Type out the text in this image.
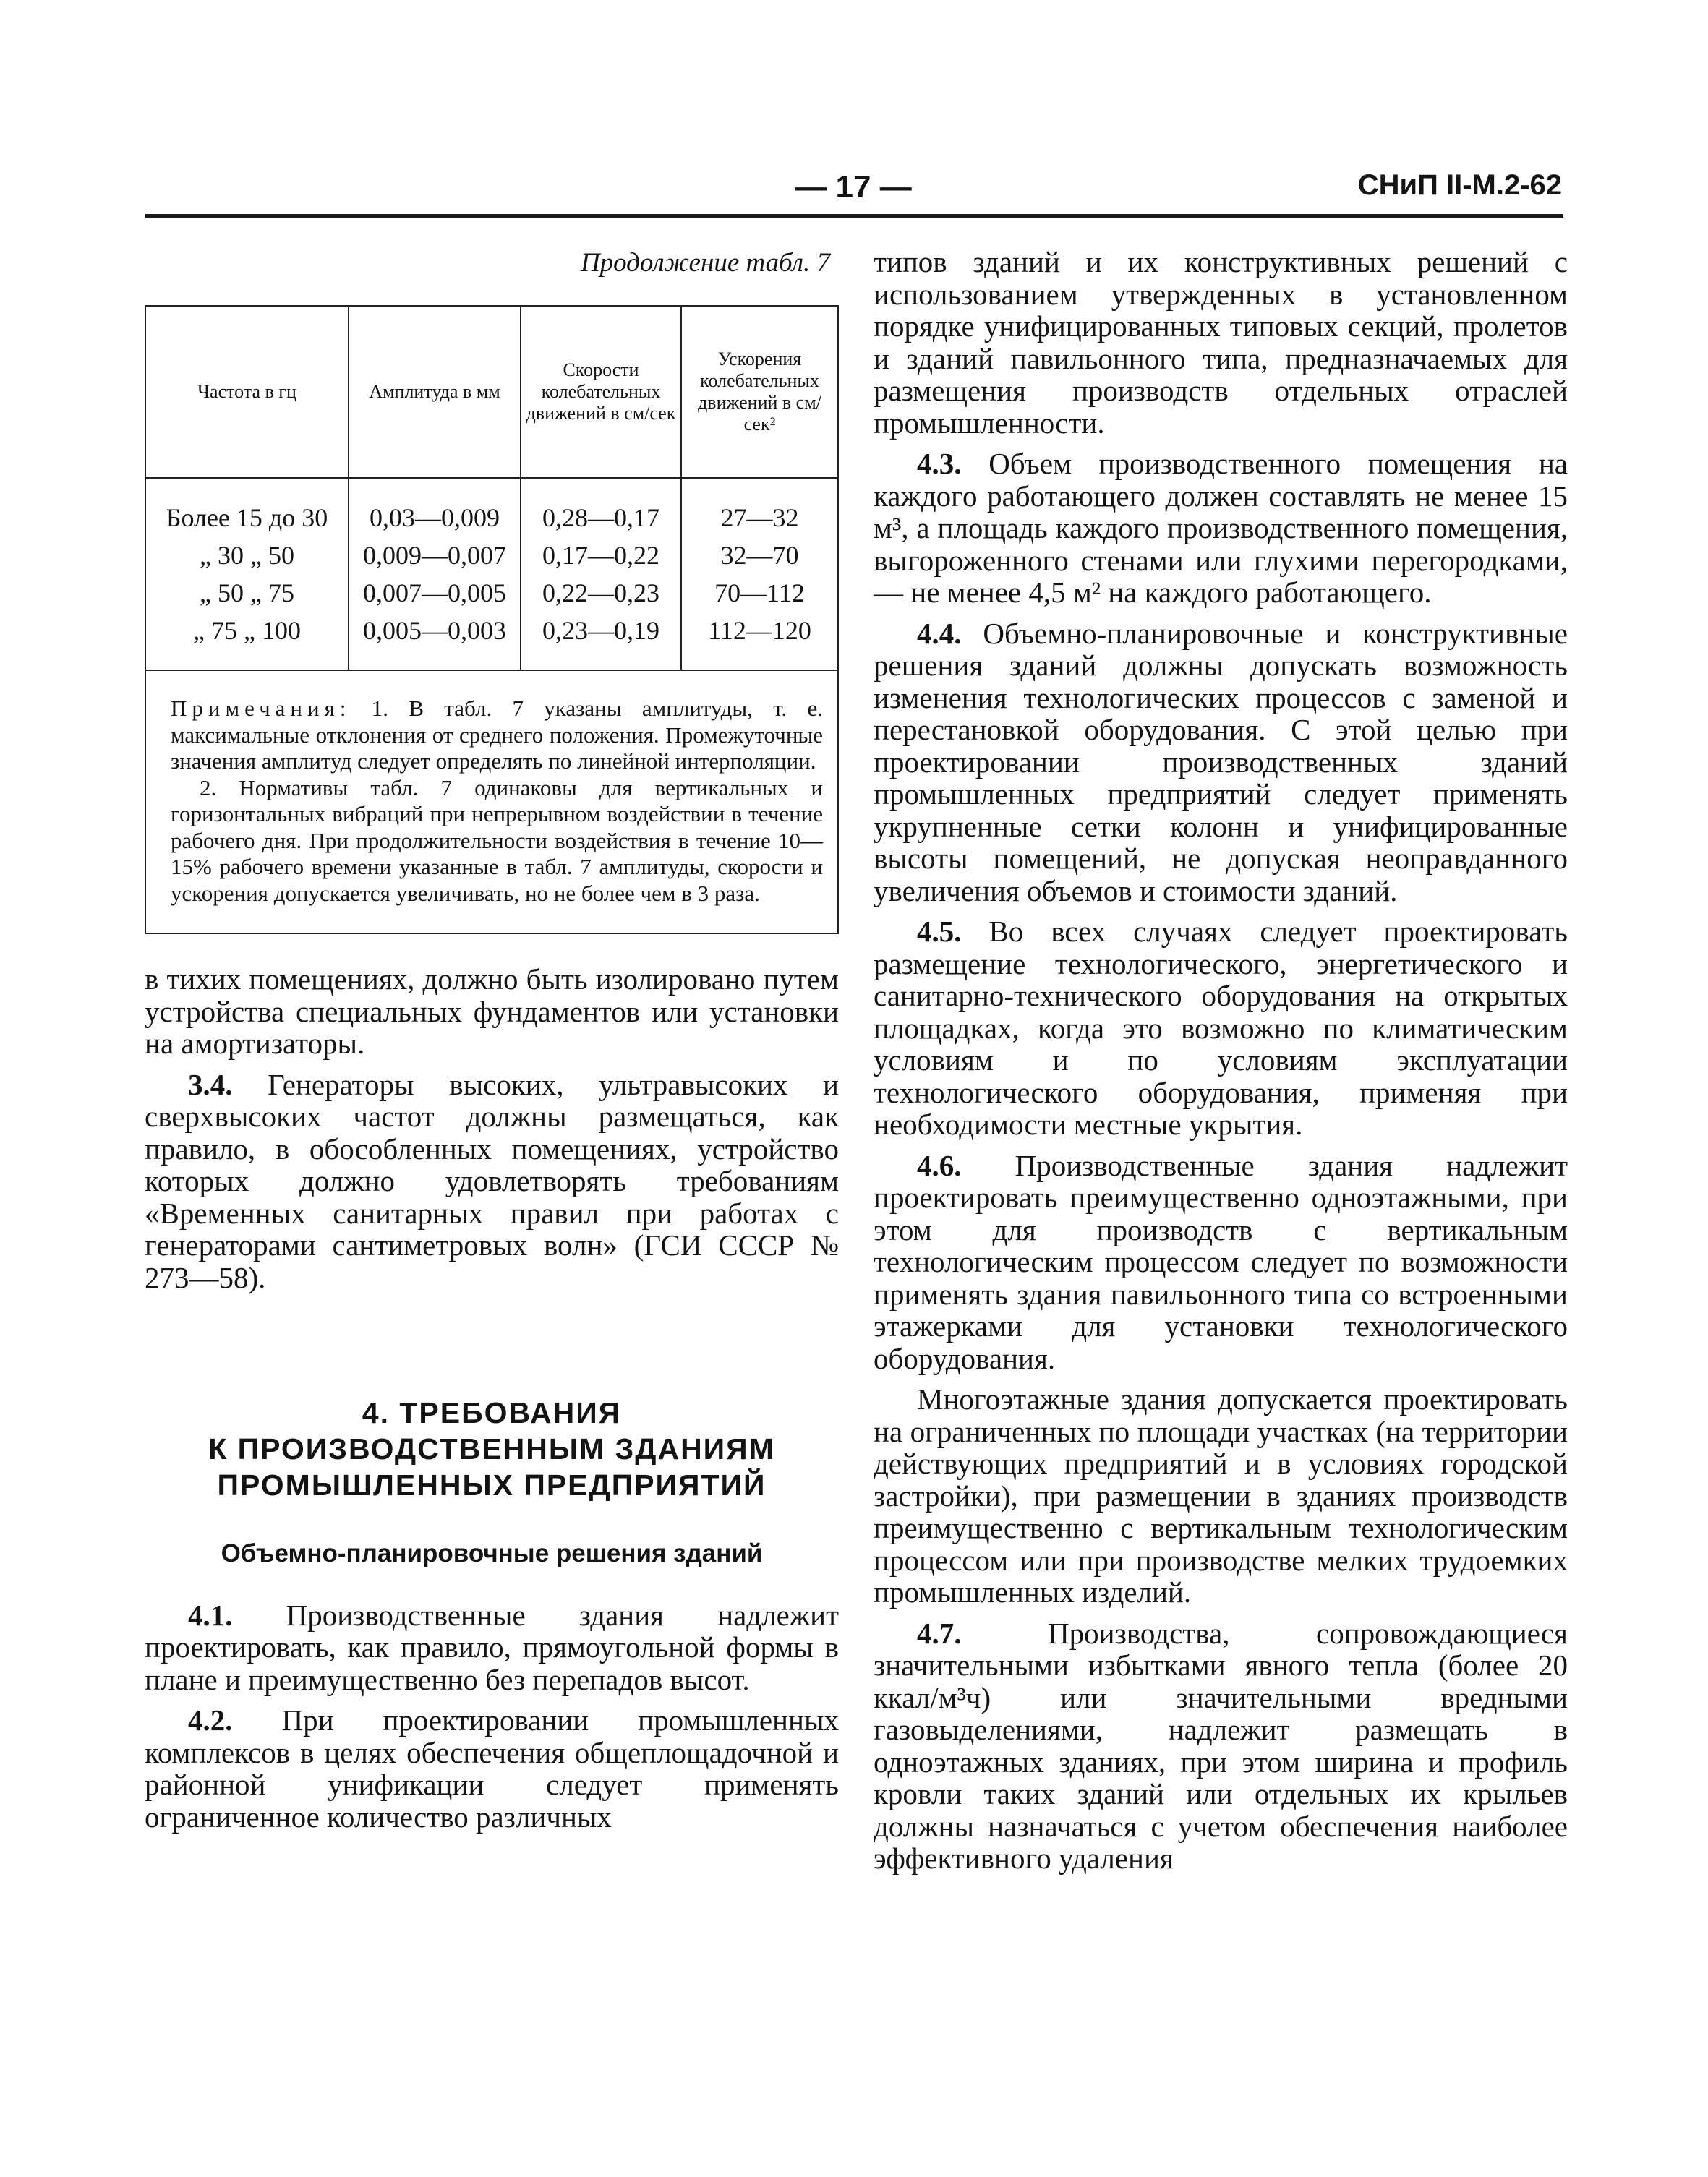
— 17 —	СНиП II-М.2-62
Продолжение табл. 7
Частота в гц	Амплитуда в мм	Скорости колебательных движений в см/сек	Ускорения колебательных движений в см/сек²
Более 15 до 30	0,03—0,009	0,28—0,17	27—32
„ 30 „ 50	0,009—0,007	0,17—0,22	32—70
„ 50 „ 75	0,007—0,005	0,22—0,23	70—112
„ 75 „ 100	0,005—0,003	0,23—0,19	112—120

Примечания: 1. В табл. 7 указаны амплитуды, т. е. максимальные отклонения от среднего положения. Промежуточные значения амплитуд следует определять по линейной интерполяции.

2. Нормативы табл. 7 одинаковы для вертикальных и горизонтальных вибраций при непрерывном воздействии в течение рабочего дня. При продолжительности воздействия в течение 10—15% рабочего времени указанные в табл. 7 амплитуды, скорости и ускорения допускается увеличивать, но не более чем в 3 раза.

в тихих помещениях, должно быть изолировано путем устройства специальных фундаментов или установки на амортизаторы.

3.4. Генераторы высоких, ультравысоких и сверхвысоких частот должны размещаться, как правило, в обособленных помещениях, устройство которых должно удовлетворять требованиям «Временных санитарных правил при работах с генераторами сантиметровых волн» (ГСИ СССР № 273—58).

4. ТРЕБОВАНИЯ
К ПРОИЗВОДСТВЕННЫМ ЗДАНИЯМ
ПРОМЫШЛЕННЫХ ПРЕДПРИЯТИЙ
Объемно-планировочные решения зданий

4.1. Производственные здания надлежит проектировать, как правило, прямоугольной формы в плане и преимущественно без перепадов высот.

4.2. При проектировании промышленных комплексов в целях обеспечения общеплощадочной и районной унификации следует применять ограниченное количество различных

типов зданий и их конструктивных решений с использованием утвержденных в установленном порядке унифицированных типовых секций, пролетов и зданий павильонного типа, предназначаемых для размещения производств отдельных отраслей промышленности.

4.3. Объем производственного помещения на каждого работающего должен составлять не менее 15 м³, а площадь каждого производственного помещения, выгороженного стенами или глухими перегородками, — не менее 4,5 м² на каждого работающего.

4.4. Объемно-планировочные и конструктивные решения зданий должны допускать возможность изменения технологических процессов с заменой и перестановкой оборудования. С этой целью при проектировании производственных зданий промышленных предприятий следует применять укрупненные сетки колонн и унифицированные высоты помещений, не допуская неоправданного увеличения объемов и стоимости зданий.

4.5. Во всех случаях следует проектировать размещение технологического, энергетического и санитарно-технического оборудования на открытых площадках, когда это возможно по климатическим условиям и по условиям эксплуатации технологического оборудования, применяя при необходимости местные укрытия.

4.6. Производственные здания надлежит проектировать преимущественно одноэтажными, при этом для производств с вертикальным технологическим процессом следует по возможности применять здания павильонного типа со встроенными этажерками для установки технологического оборудования.

Многоэтажные здания допускается проектировать на ограниченных по площади участках (на территории действующих предприятий и в условиях городской застройки), при размещении в зданиях производств преимущественно с вертикальным технологическим процессом или при производстве мелких трудоемких промышленных изделий.

4.7.	Производства, сопровождающиеся значительными избытками явного тепла (более 20 ккал/м³ч) или значительными вредными газовыделениями, надлежит размещать в одноэтажных зданиях, при этом ширина и профиль кровли таких зданий или отдельных их крыльев должны назначаться с учетом обеспечения наиболее эффективного удаления
